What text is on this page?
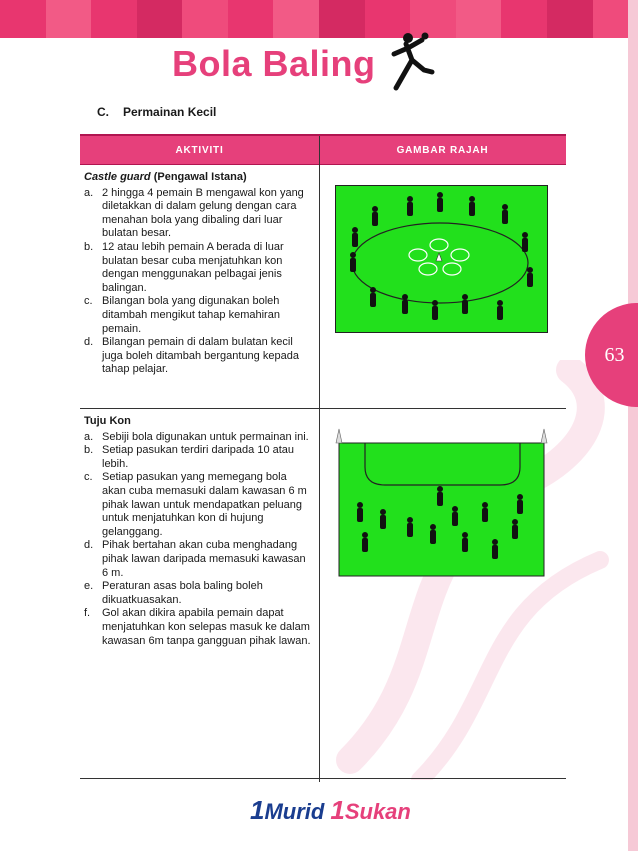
Bola Baling
C. Permainan Kecil
63
AKTIVITI	GAMBAR RAJAH
Castle guard (Pengawal Istana)
a. 2 hingga 4 pemain B mengawal kon yang diletakkan di dalam gelung dengan cara menahan bola yang dibaling dari luar bulatan besar.
b. 12 atau lebih pemain A berada di luar bulatan besar cuba menjatuhkan kon dengan menggunakan pelbagai jenis balingan.
c. Bilangan bola yang digunakan boleh ditambah mengikut tahap kemahiran pemain.
d. Bilangan pemain di dalam bulatan kecil juga boleh ditambah bergantung kepada tahap pelajar.
Tuju Kon
a. Sebiji bola digunakan untuk permainan ini.
b. Setiap pasukan terdiri daripada 10 atau lebih.
c. Setiap pasukan yang memegang bola akan cuba memasuki dalam kawasan 6 m pihak lawan untuk mendapatkan peluang untuk menjatuhkan kon di hujung gelanggang.
d. Pihak bertahan akan cuba menghadang pihak lawan daripada memasuki kawasan 6 m.
e. Peraturan asas bola baling boleh dikuatkuasakan.
f.	Gol akan dikira apabila pemain dapat menjatuhkan kon selepas masuk ke dalam kawasan 6m tanpa gangguan pihak lawan.
1 Murid 1 Sukan
